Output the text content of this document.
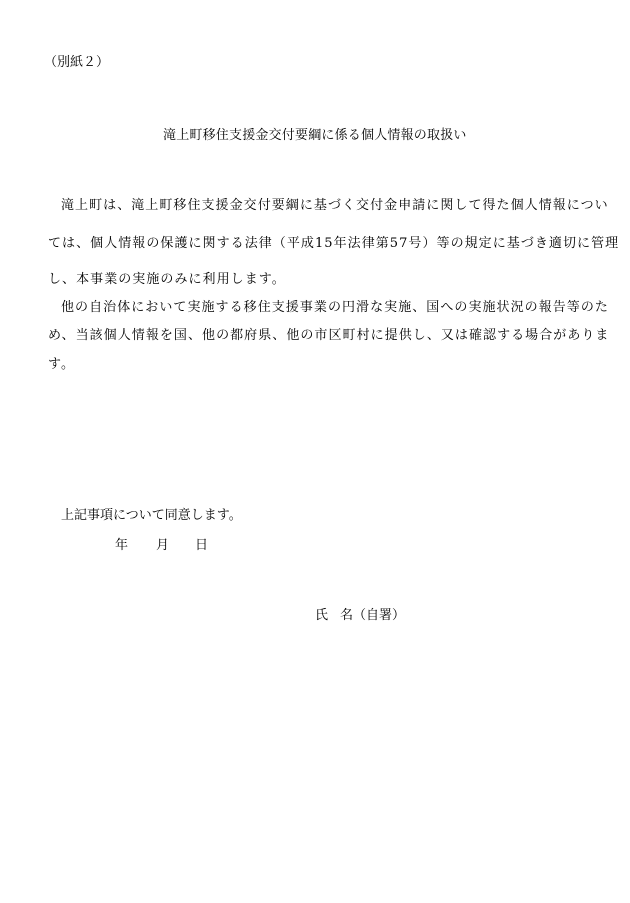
（別紙２）
滝上町移住支援金交付要綱に係る個人情報の取扱い
滝上町は、滝上町移住支援金交付要綱に基づく交付金申請に関して得た個人情報につい
ては、個人情報の保護に関する法律（平成15年法律第57号）等の規定に基づき適切に管理
し、本事業の実施のみに利用します。
他の自治体において実施する移住支援事業の円滑な実施、国への実施状況の報告等のた
め、当該個人情報を国、他の都府県、他の市区町村に提供し、又は確認する場合がありま
す。
上記事項について同意します。
年 月 日
氏 名（自署）
